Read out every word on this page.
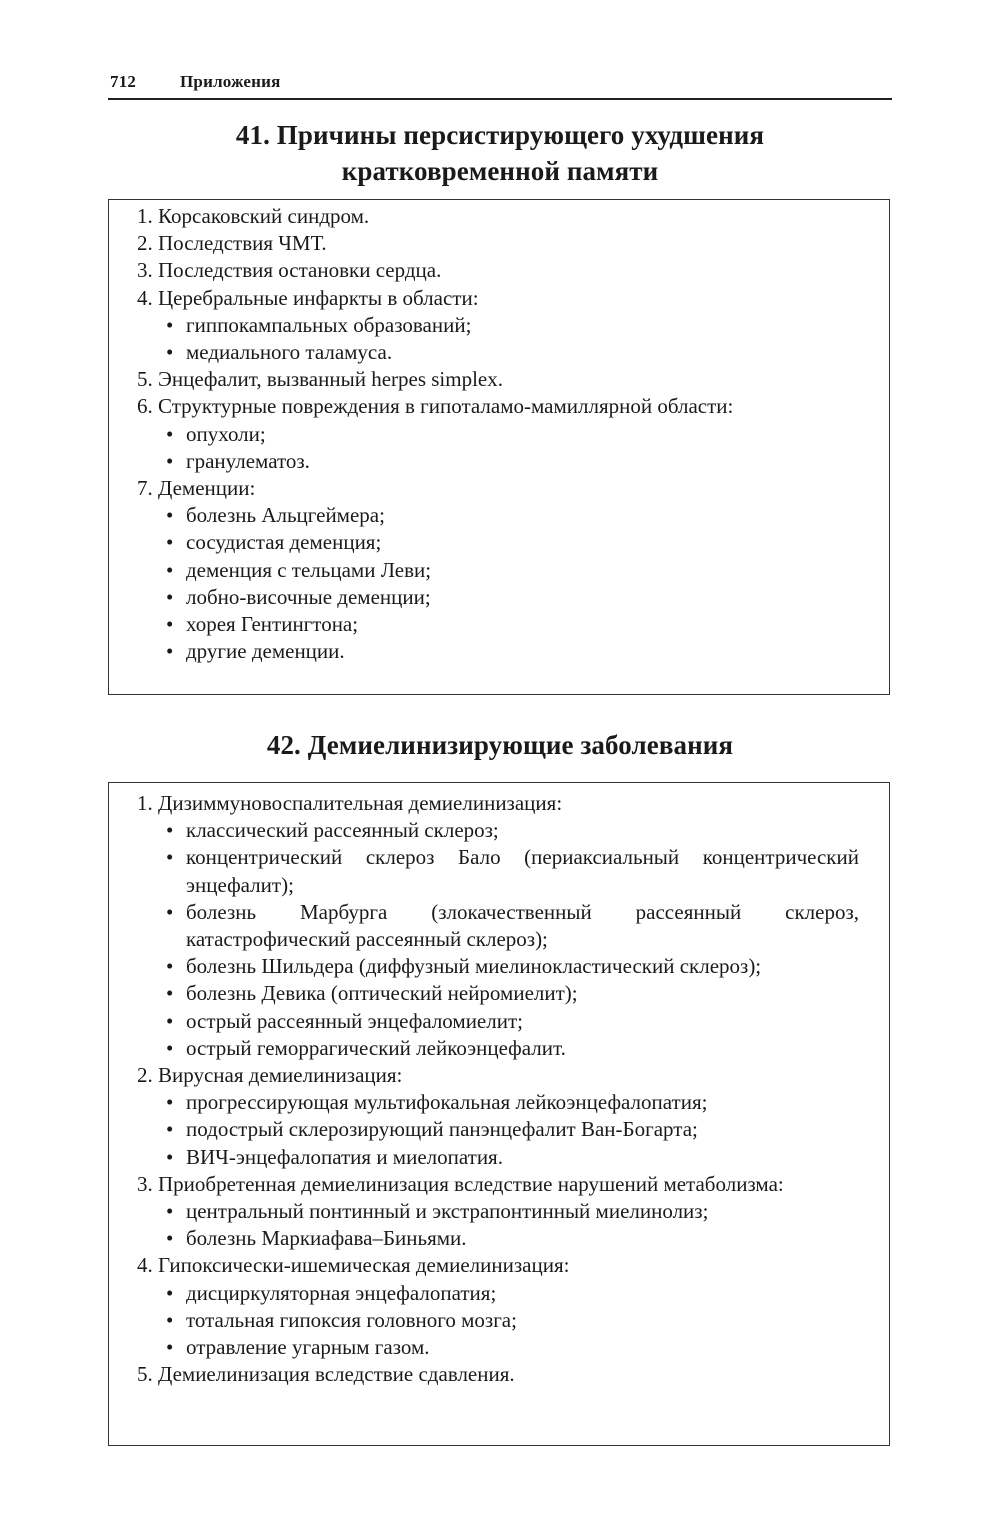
712	Приложения
41. Причины персистирующего ухудшения
кратковременной памяти

1. Корсаковский синдром.

2. Последствия ЧМТ.

3. Последствия остановки сердца.

4. Церебральные инфаркты в области:

• гиппокампальных образований;

• медиального таламуса.

5. Энцефалит, вызванный herpes simplex.

6. Структурные повреждения в гипоталамо-мамиллярной области:

• опухоли;

• гранулематоз.

7. Деменции:

• болезнь Альцгеймера;

• сосудистая деменция;

• деменция с тельцами Леви;

• лобно-височные деменции;

• хорея Гентингтона;

• другие деменции.

42. Демиелинизирующие заболевания

1. Дизиммуновоспалительная демиелинизация:

• классический рассеянный склероз;

• концентрический склероз Бало (периаксиальный концентрический энцефалит);

• болезнь Марбурга (злокачественный рассеянный склероз, катастрофический рассеянный склероз);

• болезнь Шильдера (диффузный миелинокластический склероз);

• болезнь Девика (оптический нейромиелит);

• острый рассеянный энцефаломиелит;

• острый геморрагический лейкоэнцефалит.

2. Вирусная демиелинизация:

• прогрессирующая мультифокальная лейкоэнцефалопатия;

• подострый склерозирующий панэнцефалит Ван-Богарта;

• ВИЧ-энцефалопатия и миелопатия.

3. Приобретенная демиелинизация вследствие нарушений метаболизма:

• центральный понтинный и экстрапонтинный миелинолиз;

• болезнь Маркиафава–Биньями.

4. Гипоксически-ишемическая демиелинизация:

• дисциркуляторная энцефалопатия;

• тотальная гипоксия головного мозга;

• отравление угарным газом.

5. Демиелинизация вследствие сдавления.
